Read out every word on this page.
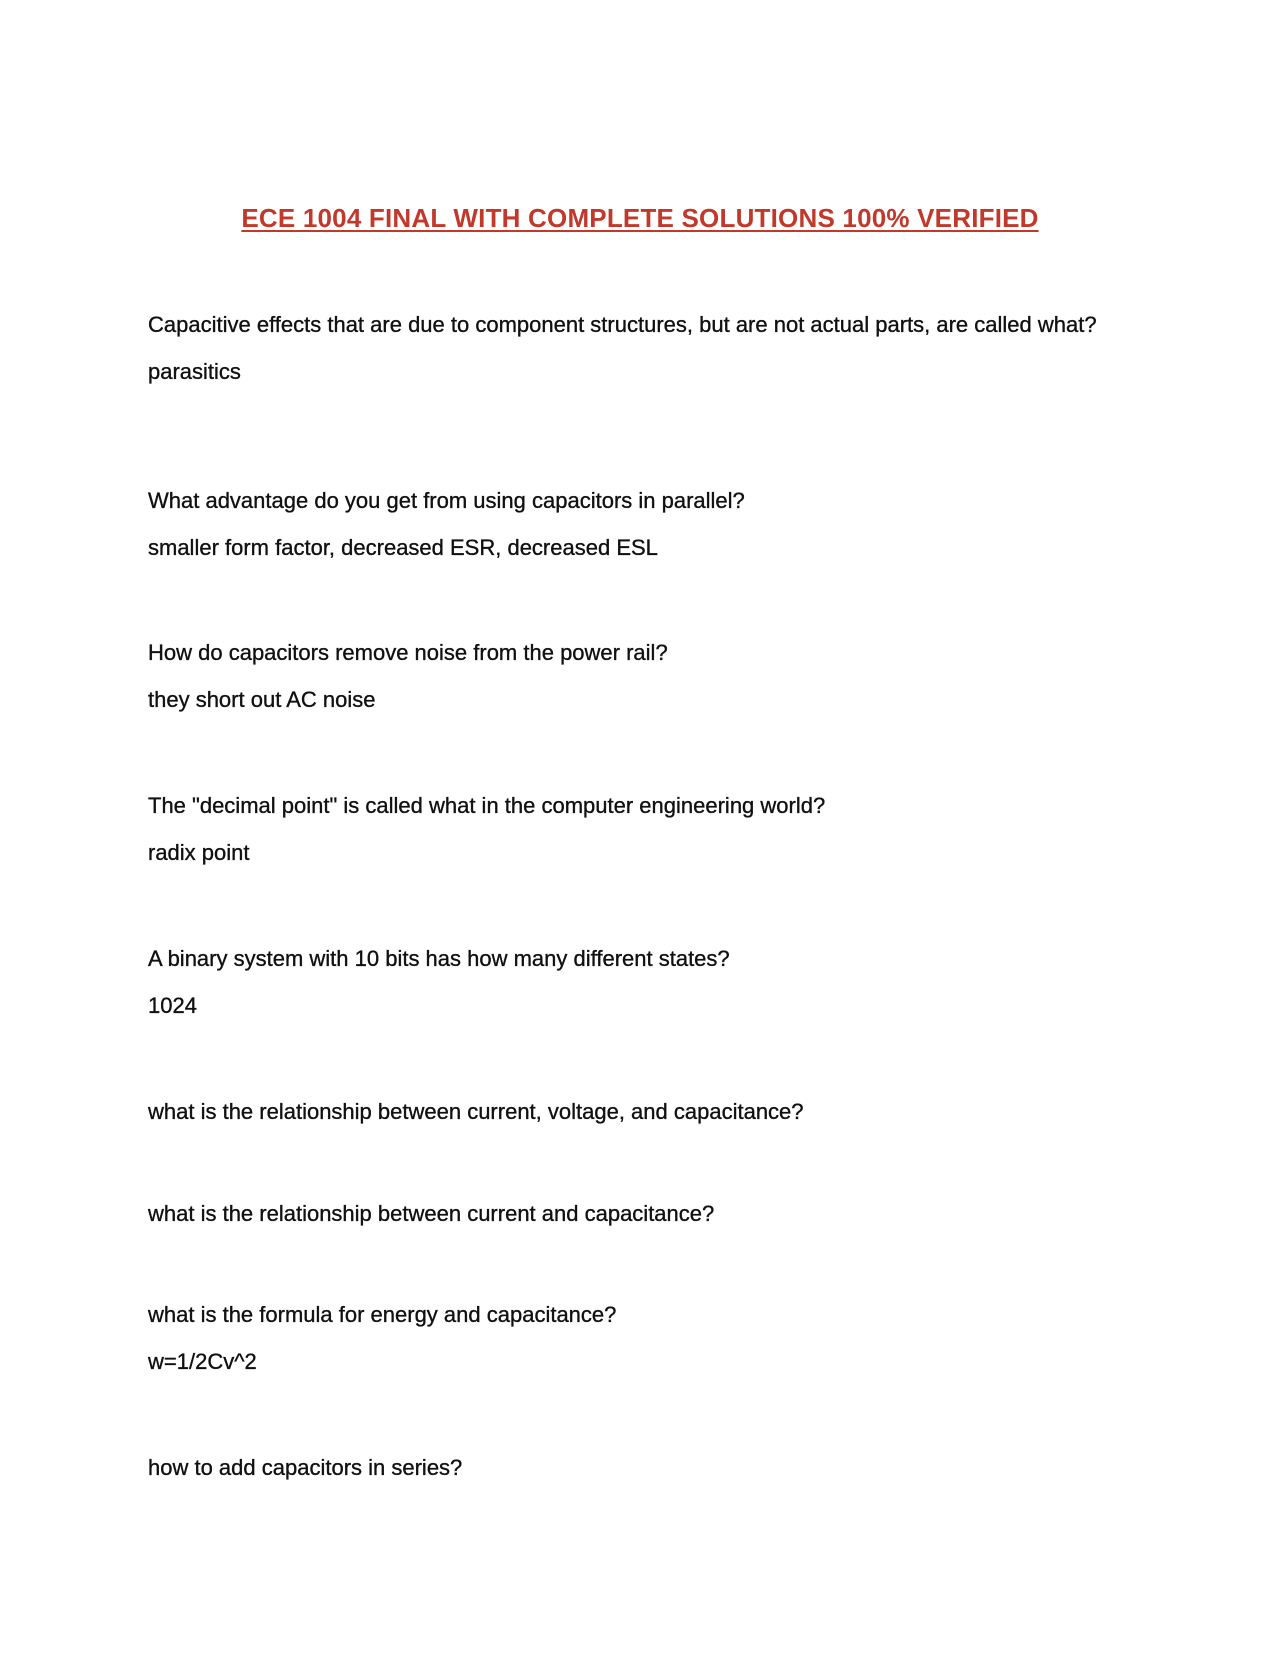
ECE 1004 FINAL WITH COMPLETE SOLUTIONS 100% VERIFIED

Capacitive effects that are due to component structures, but are not actual parts, are called what?

parasitics

What advantage do you get from using capacitors in parallel?

smaller form factor, decreased ESR, decreased ESL

How do capacitors remove noise from the power rail?

they short out AC noise

The "decimal point" is called what in the computer engineering world?

radix point

A binary system with 10 bits has how many different states?

1024

what is the relationship between current, voltage, and capacitance?

what is the relationship between current and capacitance?

what is the formula for energy and capacitance?

w=1/2Cv^2

how to add capacitors in series?
